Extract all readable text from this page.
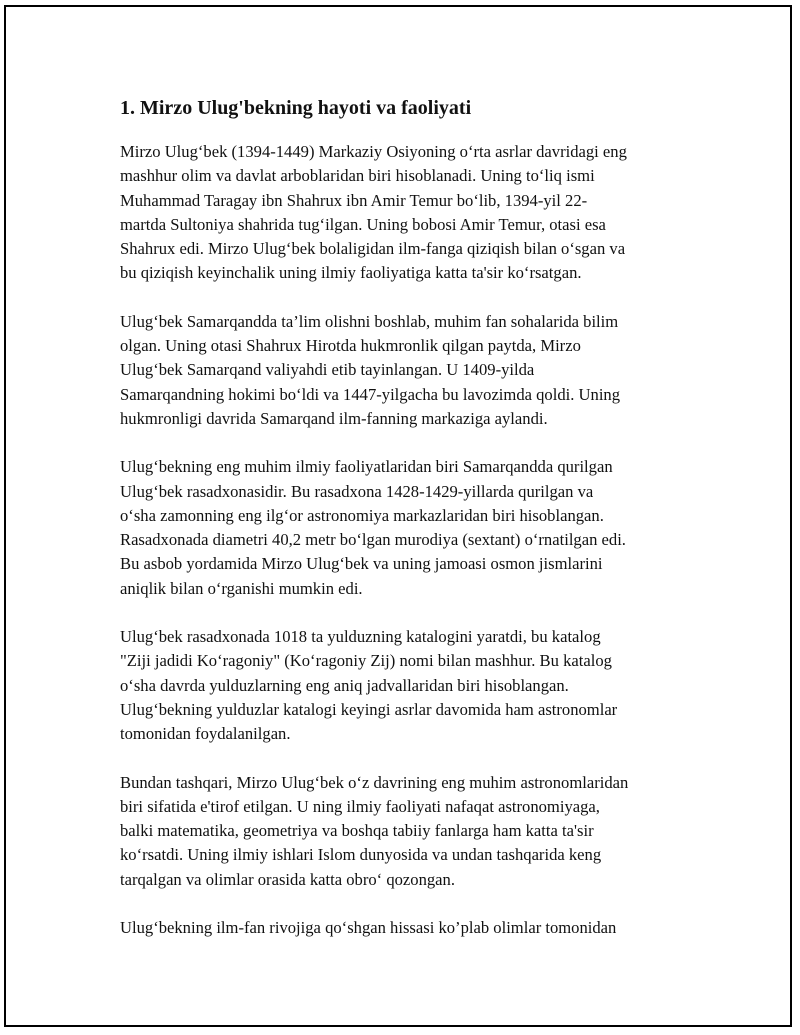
1. Mirzo Ulug'bekning hayoti va faoliyati

Mirzo Ulug‘bek (1394-1449) Markaziy Osiyoning o‘rta asrlar davridagi eng
mashhur olim va davlat arboblaridan biri hisoblanadi. Uning to‘liq ismi
Muhammad Taragay ibn Shahrux ibn Amir Temur bo‘lib, 1394-yil 22-
martda Sultoniya shahrida tug‘ilgan. Uning bobosi Amir Temur, otasi esa
Shahrux edi. Mirzo Ulug‘bek bolaligidan ilm-fanga qiziqish bilan o‘sgan va
bu qiziqish keyinchalik uning ilmiy faoliyatiga katta ta'sir ko‘rsatgan.

Ulug‘bek Samarqandda ta’lim olishni boshlab, muhim fan sohalarida bilim
olgan. Uning otasi Shahrux Hirotda hukmronlik qilgan paytda, Mirzo
Ulug‘bek Samarqand valiyahdi etib tayinlangan. U 1409-yilda
Samarqandning hokimi bo‘ldi va 1447-yilgacha bu lavozimda qoldi. Uning
hukmronligi davrida Samarqand ilm-fanning markaziga aylandi.

Ulug‘bekning eng muhim ilmiy faoliyatlaridan biri Samarqandda qurilgan
Ulug‘bek rasadxonasidir. Bu rasadxona 1428-1429-yillarda qurilgan va
o‘sha zamonning eng ilg‘or astronomiya markazlaridan biri hisoblangan.
Rasadxonada diametri 40,2 metr bo‘lgan murodiya (sextant) o‘rnatilgan edi.
Bu asbob yordamida Mirzo Ulug‘bek va uning jamoasi osmon jismlarini
aniqlik bilan o‘rganishi mumkin edi.

Ulug‘bek rasadxonada 1018 ta yulduzning katalogini yaratdi, bu katalog
"Ziji jadidi Ko‘ragoniy" (Ko‘ragoniy Zij) nomi bilan mashhur. Bu katalog
o‘sha davrda yulduzlarning eng aniq jadvallaridan biri hisoblangan.
Ulug‘bekning yulduzlar katalogi keyingi asrlar davomida ham astronomlar
tomonidan foydalanilgan.

Bundan tashqari, Mirzo Ulug‘bek o‘z davrining eng muhim astronomlaridan
biri sifatida e'tirof etilgan. U ning ilmiy faoliyati nafaqat astronomiyaga,
balki matematika, geometriya va boshqa tabiiy fanlarga ham katta ta'sir
ko‘rsatdi. Uning ilmiy ishlari Islom dunyosida va undan tashqarida keng
tarqalgan va olimlar orasida katta obro‘ qozongan.

Ulug‘bekning ilm-fan rivojiga qo‘shgan hissasi ko’plab olimlar tomonidan
